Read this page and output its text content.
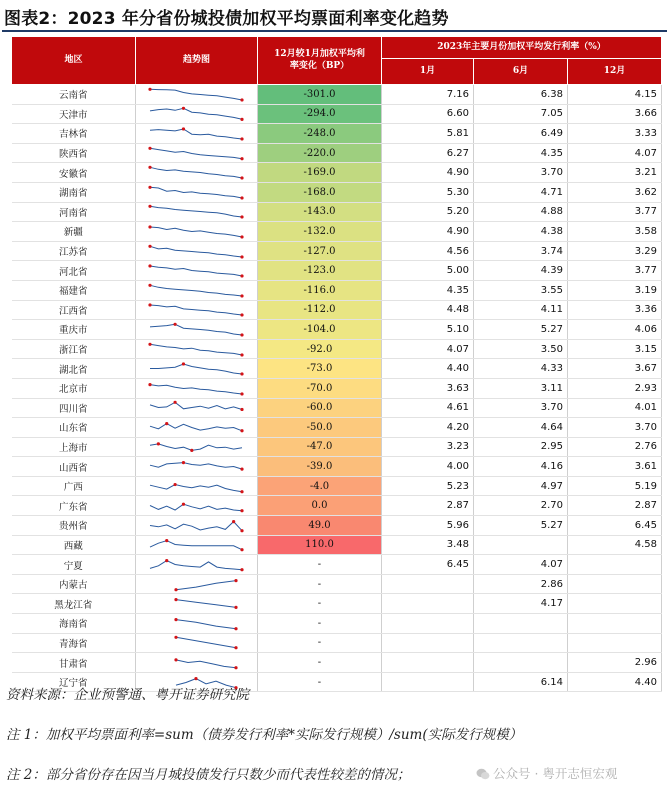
图表2：2023 年分省份城投债加权平均票面利率变化趋势
地区	趋势图	12月较1月加权平均利率变化（BP）	2023年主要月份加权平均发行利率（%）		
			1月	6月	12月
云南省		-301.0	7.16	6.38	4.15
天津市		-294.0	6.60	7.05	3.66
吉林省		-248.0	5.81	6.49	3.33
陕西省		-220.0	6.27	4.35	4.07
安徽省		-169.0	4.90	3.70	3.21
湖南省		-168.0	5.30	4.71	3.62
河南省		-143.0	5.20	4.88	3.77
新疆		-132.0	4.90	4.38	3.58
江苏省		-127.0	4.56	3.74	3.29
河北省		-123.0	5.00	4.39	3.77
福建省		-116.0	4.35	3.55	3.19
江西省		-112.0	4.48	4.11	3.36
重庆市		-104.0	5.10	5.27	4.06
浙江省		-92.0	4.07	3.50	3.15
湖北省		-73.0	4.40	4.33	3.67
北京市		-70.0	3.63	3.11	2.93
四川省		-60.0	4.61	3.70	4.01
山东省		-50.0	4.20	4.64	3.70
上海市		-47.0	3.23	2.95	2.76
山西省		-39.0	4.00	4.16	3.61
广西		-4.0	5.23	4.97	5.19
广东省		0.0	2.87	2.70	2.87
贵州省		49.0	5.96	5.27	6.45
西藏		110.0	3.48		4.58
宁夏		-	6.45	4.07	
内蒙古		-		2.86	
黑龙江省		-		4.17	
海南省		-			
青海省		-			
甘肃省		-			2.96
辽宁省		-		6.14	4.40
资料来源：企业预警通、粤开证券研究院
注 1：加权平均票面利率=sum（债券发行利率*实际发行规模）/sum(实际发行规模）
注 2：部分省份存在因当月城投债发行只数少而代表性较差的情况；	公众号 · 粤开志恒宏观
